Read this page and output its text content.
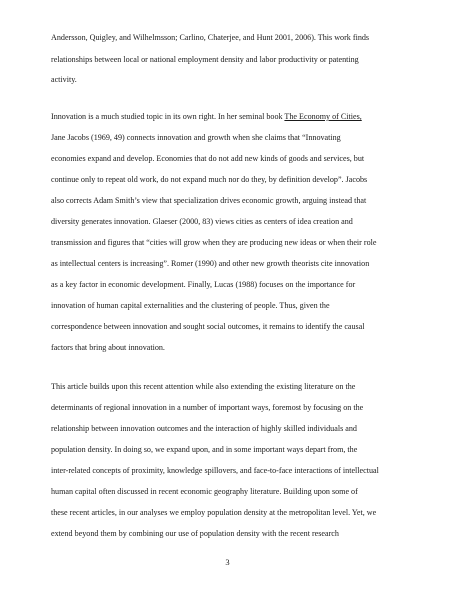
Andersson, Quigley, and Wilhelmsson; Carlino, Chaterjee, and Hunt 2001, 2006). This work finds
relationships between local or national employment density and labor productivity or patenting
activity.
Innovation is a much studied topic in its own right. In her seminal book The Economy of Cities,
Jane Jacobs (1969, 49) connects innovation and growth when she claims that “Innovating
economies expand and develop. Economies that do not add new kinds of goods and services, but
continue only to repeat old work, do not expand much nor do they, by definition develop”. Jacobs
also corrects Adam Smith’s view that specialization drives economic growth, arguing instead that
diversity generates innovation. Glaeser (2000, 83) views cities as centers of idea creation and
transmission and figures that “cities will grow when they are producing new ideas or when their role
as intellectual centers is increasing”. Romer (1990) and other new growth theorists cite innovation
as a key factor in economic development. Finally, Lucas (1988) focuses on the importance for
innovation of human capital externalities and the clustering of people. Thus, given the
correspondence between innovation and sought social outcomes, it remains to identify the causal
factors that bring about innovation.
This article builds upon this recent attention while also extending the existing literature on the
determinants of regional innovation in a number of important ways, foremost by focusing on the
relationship between innovation outcomes and the interaction of highly skilled individuals and
population density. In doing so, we expand upon, and in some important ways depart from, the
inter-related concepts of proximity, knowledge spillovers, and face-to-face interactions of intellectual
human capital often discussed in recent economic geography literature. Building upon some of
these recent articles, in our analyses we employ population density at the metropolitan level. Yet, we
extend beyond them by combining our use of population density with the recent research
3
